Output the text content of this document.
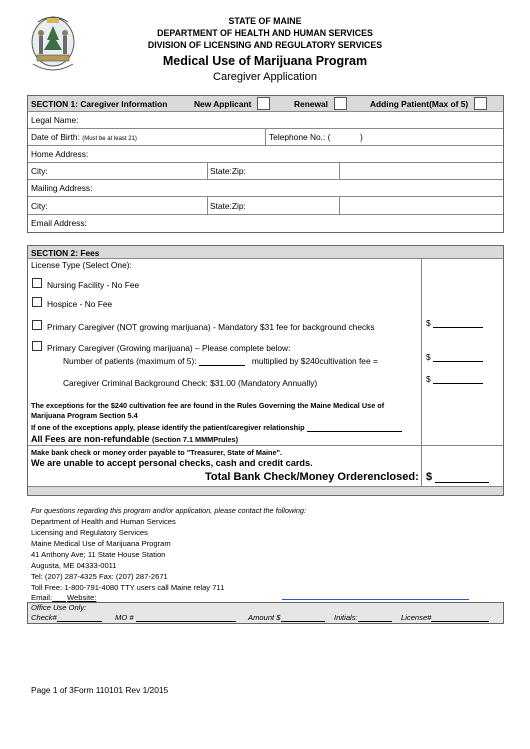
STATE OF MAINE
DEPARTMENT OF HEALTH AND HUMAN SERVICES
DIVISION OF LICENSING AND REGULATORY SERVICES
Medical Use of Marijuana Program
Caregiver Application
SECTION 1: Caregiver Information	New Applicant	Renewal	Adding Patient(Max of 5)
Legal Name:
Date of Birth: (Must be at least 21)	Telephone No.: (	)
Home Address:
City:	State:Zip:
Mailing Address:
City:	State:Zip:
Email Address:
SECTION 2: Fees
License Type (Select One):
Nursing Facility - No Fee
Hospice - No Fee
Primary Caregiver (NOT growing marijuana) - Mandatory $31 fee for background checks	$
Primary Caregiver (Growing marijuana) – Please complete below:
Number of patients (maximum of 5):	multiplied by $240cultivation fee =	$
Caregiver Criminal Background Check: $31.00 (Mandatory Annually)	$
The exceptions for the $240 cultivation fee are found in the Rules Governing the Maine Medical Use of
Marijuana Program Section 5.4
If one of the exceptions apply, please identify the patient/caregiver relationship
All Fees are non-refundable (Section 7.1 MMMPrules)
Make bank check or money order payable to "Treasurer, State of Maine".
We are unable to accept personal checks, cash and credit cards.
Total Bank Check/Money Orderenclosed: $
For questions regarding this program and/or application, please contact the following:
Department of Health and Human Services
Licensing and Regulatory Services
Maine Medical Use of Marijuana Program
41 Anthony Ave; 11 State House Station
Augusta, ME 04333-0011
Tel: (207) 287-4325 Fax: (207) 287-2671
Toll Free: 1-800-791-4080 TTY users call Maine relay 711
Email: Website:
Office Use Only:
Check#	MO #	Amount $	Initials:	License#
Page 1 of 3Form 110101 Rev 1/2015
